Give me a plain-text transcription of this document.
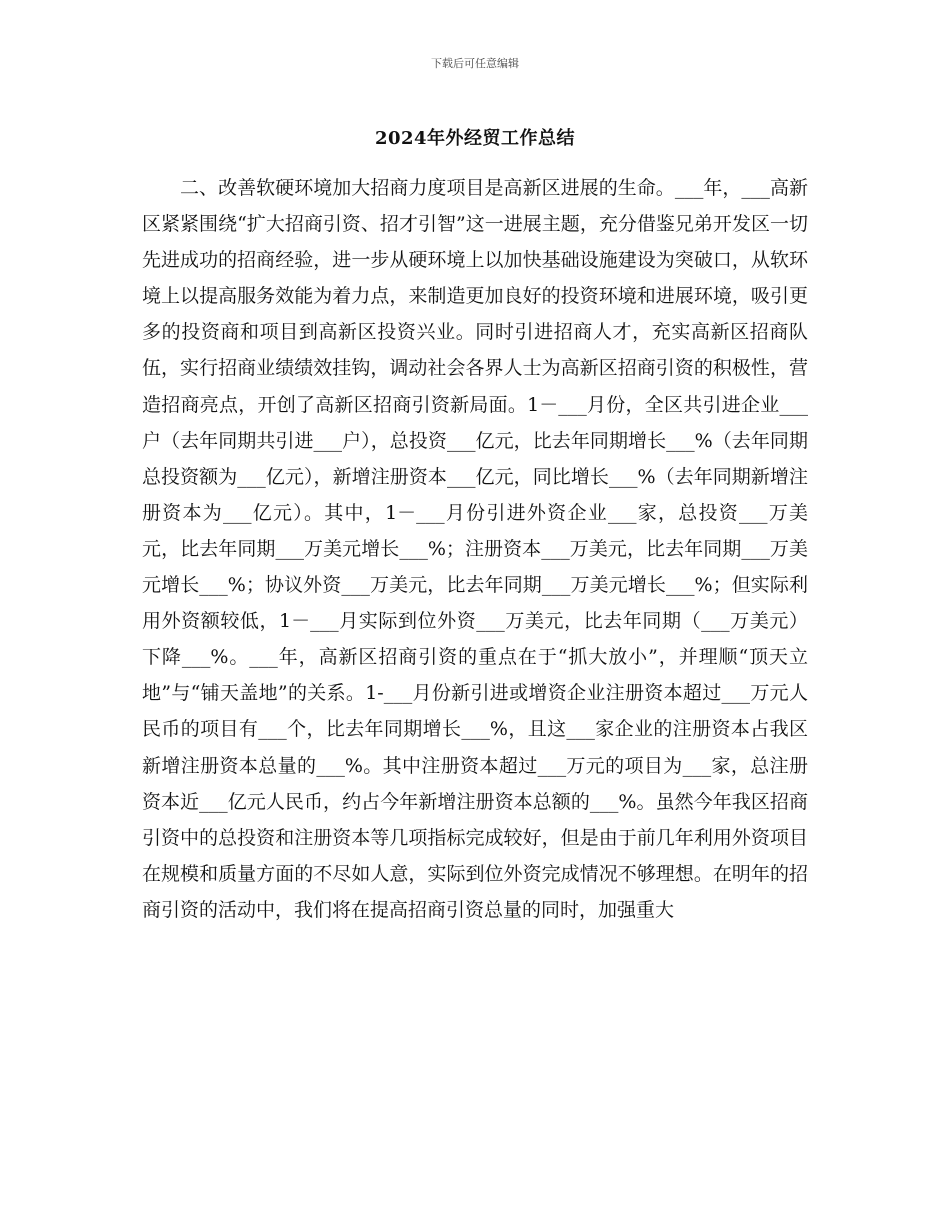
下载后可任意编辑
2024年外经贸工作总结

二、改善软硬环境加大招商力度项目是高新区进展的生命。___年，___高新区紧紧围绕“扩大招商引资、招才引智”这一进展主题，充分借鉴兄弟开发区一切先进成功的招商经验，进一步从硬环境上以加快基础设施建设为突破口，从软环境上以提高服务效能为着力点，来制造更加良好的投资环境和进展环境，吸引更多的投资商和项目到高新区投资兴业。同时引进招商人才，充实高新区招商队伍，实行招商业绩绩效挂钩，调动社会各界人士为高新区招商引资的积极性，营造招商亮点，开创了高新区招商引资新局面。1－___月份，全区共引进企业___户（去年同期共引进___户），总投资___亿元，比去年同期增长___%（去年同期总投资额为___亿元），新增注册资本___亿元，同比增长___%（去年同期新增注册资本为___亿元）。其中，1－___月份引进外资企业___家，总投资___万美元，比去年同期___万美元增长___%；注册资本___万美元，比去年同期___万美元增长___%；协议外资___万美元，比去年同期___万美元增长___%；但实际利用外资额较低，1－___月实际到位外资___万美元，比去年同期（___万美元）下降___%。___年，高新区招商引资的重点在于“抓大放小”，并理顺“顶天立地”与“铺天盖地”的关系。1-___月份新引进或增资企业注册资本超过___万元人民币的项目有___个，比去年同期增长___%，且这___家企业的注册资本占我区新增注册资本总量的___%。其中注册资本超过___万元的项目为___家，总注册资本近___亿元人民币，约占今年新增注册资本总额的___%。虽然今年我区招商引资中的总投资和注册资本等几项指标完成较好，但是由于前几年利用外资项目在规模和质量方面的不尽如人意，实际到位外资完成情况不够理想。在明年的招商引资的活动中，我们将在提高招商引资总量的同时，加强重大
